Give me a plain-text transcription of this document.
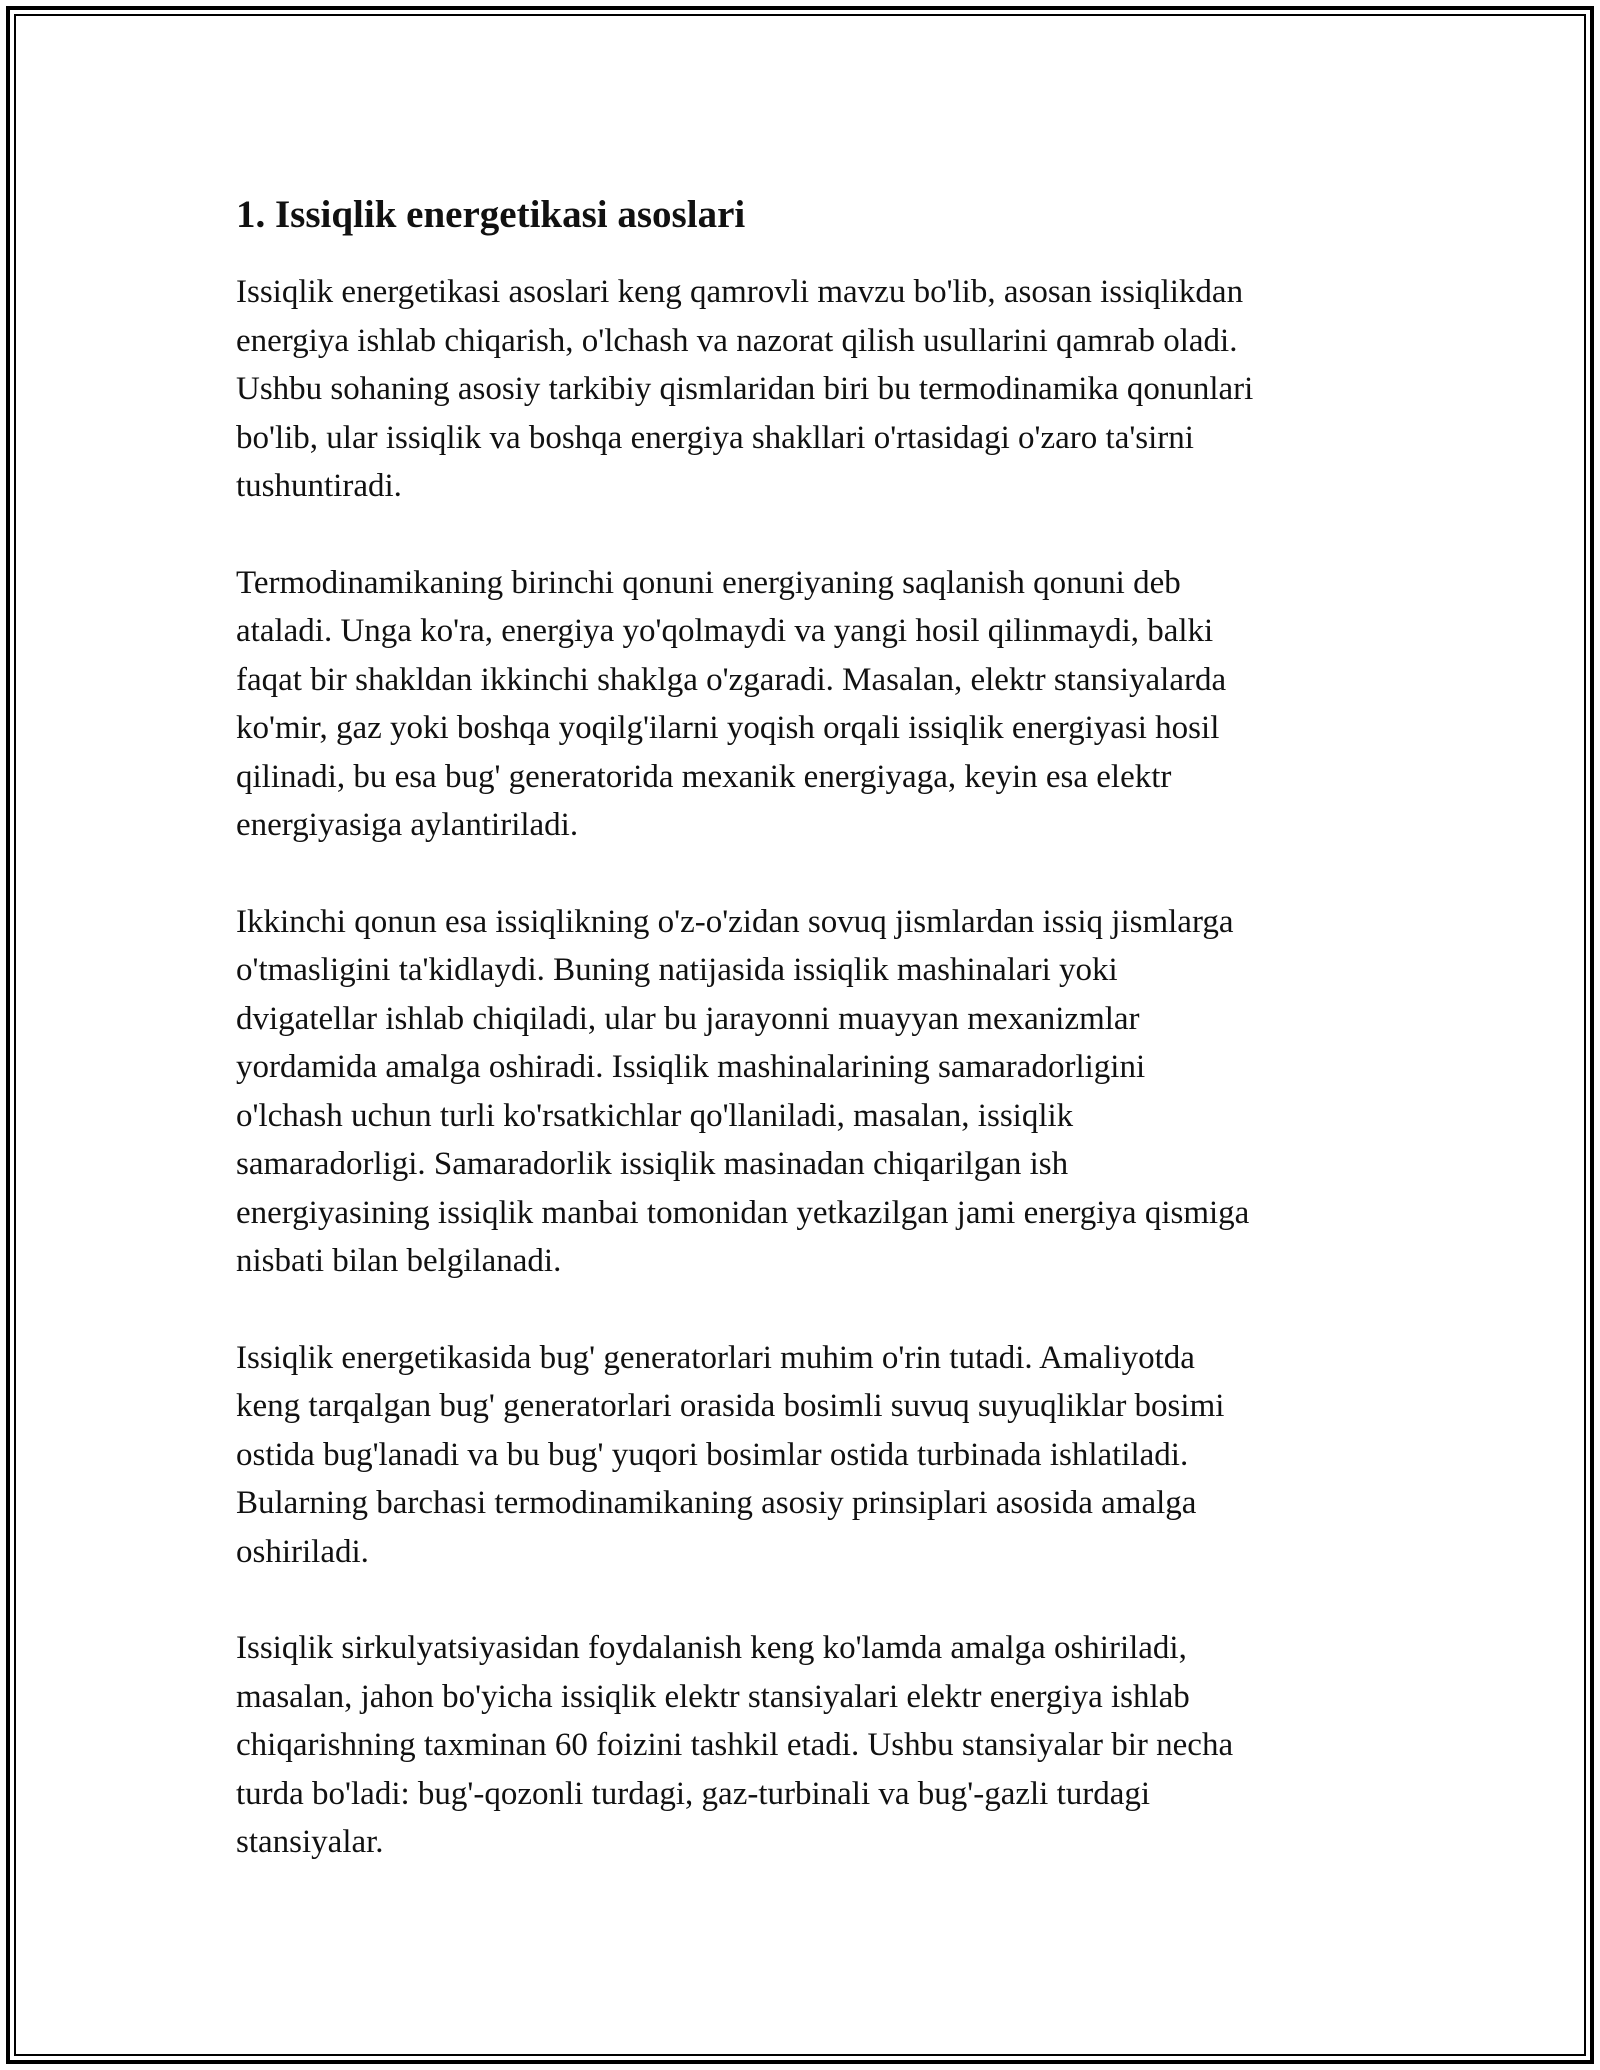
1. Issiqlik energetikasi asoslari

Issiqlik energetikasi asoslari keng qamrovli mavzu bo'lib, asosan issiqlikdan
energiya ishlab chiqarish, o'lchash va nazorat qilish usullarini qamrab oladi.
Ushbu sohaning asosiy tarkibiy qismlaridan biri bu termodinamika qonunlari
bo'lib, ular issiqlik va boshqa energiya shakllari o'rtasidagi o'zaro ta'sirni
tushuntiradi.

Termodinamikaning birinchi qonuni energiyaning saqlanish qonuni deb
ataladi. Unga ko'ra, energiya yo'qolmaydi va yangi hosil qilinmaydi, balki
faqat bir shakldan ikkinchi shaklga o'zgaradi. Masalan, elektr stansiyalarda
ko'mir, gaz yoki boshqa yoqilg'ilarni yoqish orqali issiqlik energiyasi hosil
qilinadi, bu esa bug' generatorida mexanik energiyaga, keyin esa elektr
energiyasiga aylantiriladi.

Ikkinchi qonun esa issiqlikning o'z-o'zidan sovuq jismlardan issiq jismlarga
o'tmasligini ta'kidlaydi. Buning natijasida issiqlik mashinalari yoki
dvigatellar ishlab chiqiladi, ular bu jarayonni muayyan mexanizmlar
yordamida amalga oshiradi. Issiqlik mashinalarining samaradorligini
o'lchash uchun turli ko'rsatkichlar qo'llaniladi, masalan, issiqlik
samaradorligi. Samaradorlik issiqlik masinadan chiqarilgan ish
energiyasining issiqlik manbai tomonidan yetkazilgan jami energiya qismiga
nisbati bilan belgilanadi.

Issiqlik energetikasida bug' generatorlari muhim o'rin tutadi. Amaliyotda
keng tarqalgan bug' generatorlari orasida bosimli suvuq suyuqliklar bosimi
ostida bug'lanadi va bu bug' yuqori bosimlar ostida turbinada ishlatiladi.
Bularning barchasi termodinamikaning asosiy prinsiplari asosida amalga
oshiriladi.

Issiqlik sirkulyatsiyasidan foydalanish keng ko'lamda amalga oshiriladi,
masalan, jahon bo'yicha issiqlik elektr stansiyalari elektr energiya ishlab
chiqarishning taxminan 60 foizini tashkil etadi. Ushbu stansiyalar bir necha
turda bo'ladi: bug'-qozonli turdagi, gaz-turbinali va bug'-gazli turdagi
stansiyalar.
